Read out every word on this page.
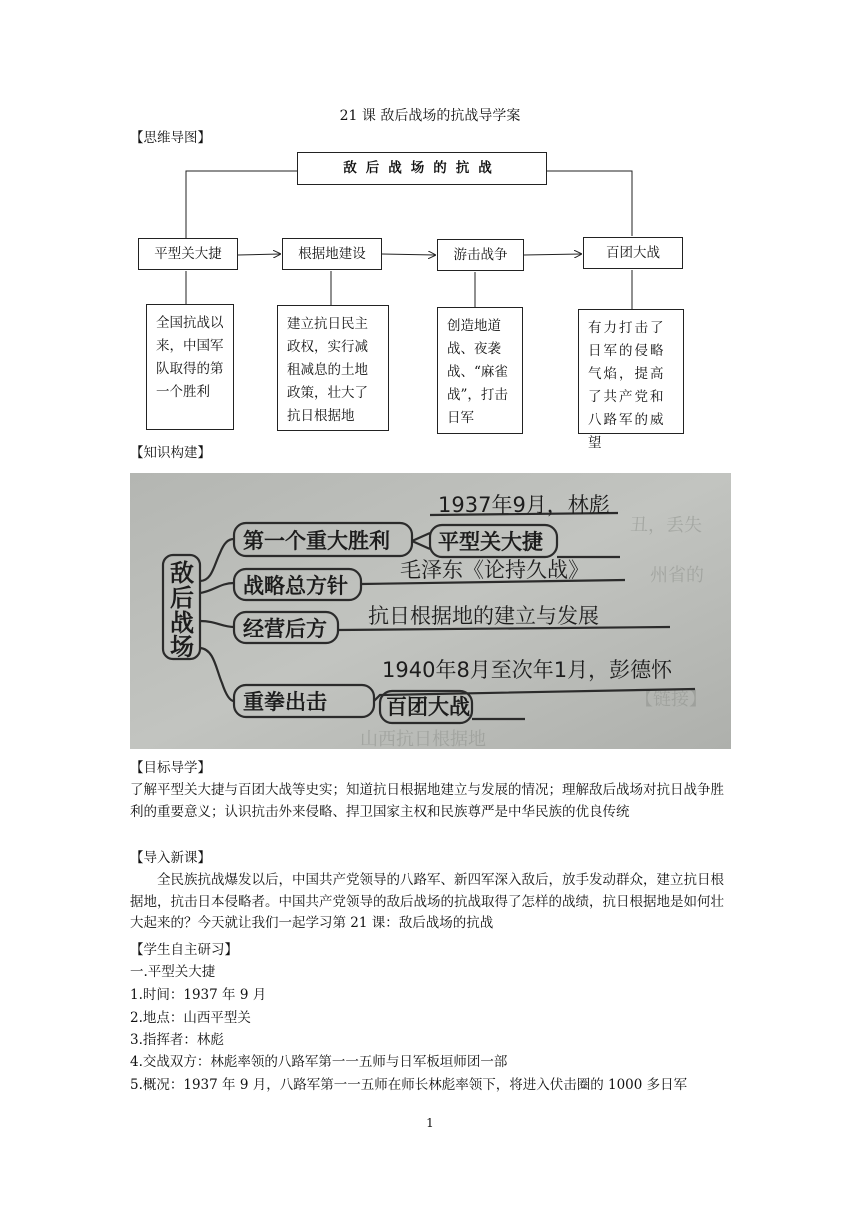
21 课 敌后战场的抗战导学案
【思维导图】
敌后战场的抗战
平型关大捷	根据地建设	游击战争	百团大战
全国抗战以来，中国军队取得的第一个胜利
建立抗日民主政权，实行减租减息的土地政策，壮大了抗日根据地
创造地道战、夜袭战、“麻雀战”，打击日军
有力打击了日军的侵略气焰，提高了共产党和八路军的威望
【知识构建】
丑，丢失
州省的
【链接】
山西抗日根据地
敌
后
战
场
第一个重大胜利 平型关大捷
1937年9月，林彪
战略总方针
毛泽东《论持久战》
经营后方
抗日根据地的建立与发展
1940年8月至次年1月，彭德怀
重拳出击	百团大战
【目标导学】
了解平型关大捷与百团大战等史实；知道抗日根据地建立与发展的情况；理解敌后战场对抗日战争胜利的重要意义；认识抗击外来侵略、捍卫国家主权和民族尊严是中华民族的优良传统
【导入新课】
全民族抗战爆发以后，中国共产党领导的八路军、新四军深入敌后，放手发动群众，建立抗日根据地，抗击日本侵略者。中国共产党领导的敌后战场的抗战取得了怎样的战绩，抗日根据地是如何壮大起来的？今天就让我们一起学习第 21 课：敌后战场的抗战
【学生自主研习】
一.平型关大捷
1.时间：1937 年 9 月
2.地点：山西平型关
3.指挥者：林彪
4.交战双方：林彪率领的八路军第一一五师与日军板垣师团一部
5.概况：1937 年 9 月，八路军第一一五师在师长林彪率领下，将进入伏击圈的 1000 多日军
1
